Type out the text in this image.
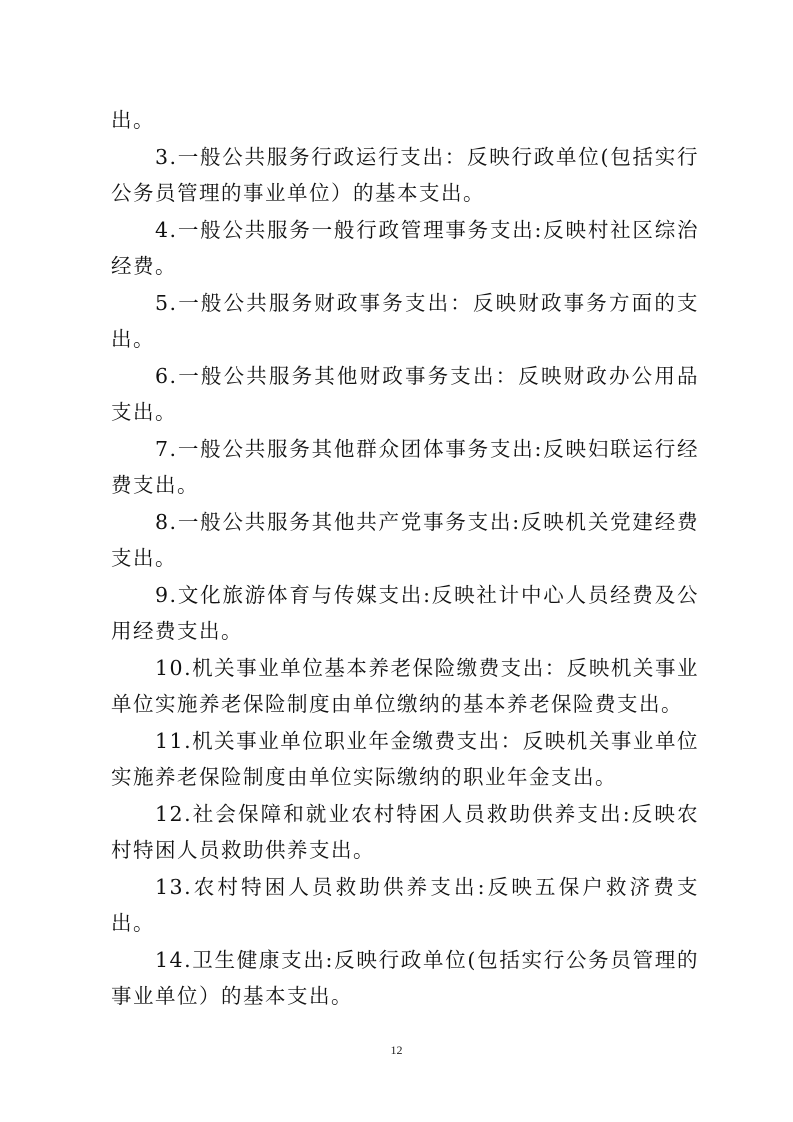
出。

3.一般公共服务行政运行支出：反映行政单位(包括实行公务员管理的事业单位）的基本支出。

4.一般公共服务一般行政管理事务支出:反映村社区综治经费。

5.一般公共服务财政事务支出：反映财政事务方面的支出。

6.一般公共服务其他财政事务支出：反映财政办公用品支出。

7.一般公共服务其他群众团体事务支出:反映妇联运行经费支出。

8.一般公共服务其他共产党事务支出:反映机关党建经费支出。

9.文化旅游体育与传媒支出:反映社计中心人员经费及公用经费支出。

10.机关事业单位基本养老保险缴费支出：反映机关事业单位实施养老保险制度由单位缴纳的基本养老保险费支出。

11.机关事业单位职业年金缴费支出：反映机关事业单位实施养老保险制度由单位实际缴纳的职业年金支出。

12.社会保障和就业农村特困人员救助供养支出:反映农村特困人员救助供养支出。

13.农村特困人员救助供养支出:反映五保户救济费支出。

14.卫生健康支出:反映行政单位(包括实行公务员管理的事业单位）的基本支出。

12
